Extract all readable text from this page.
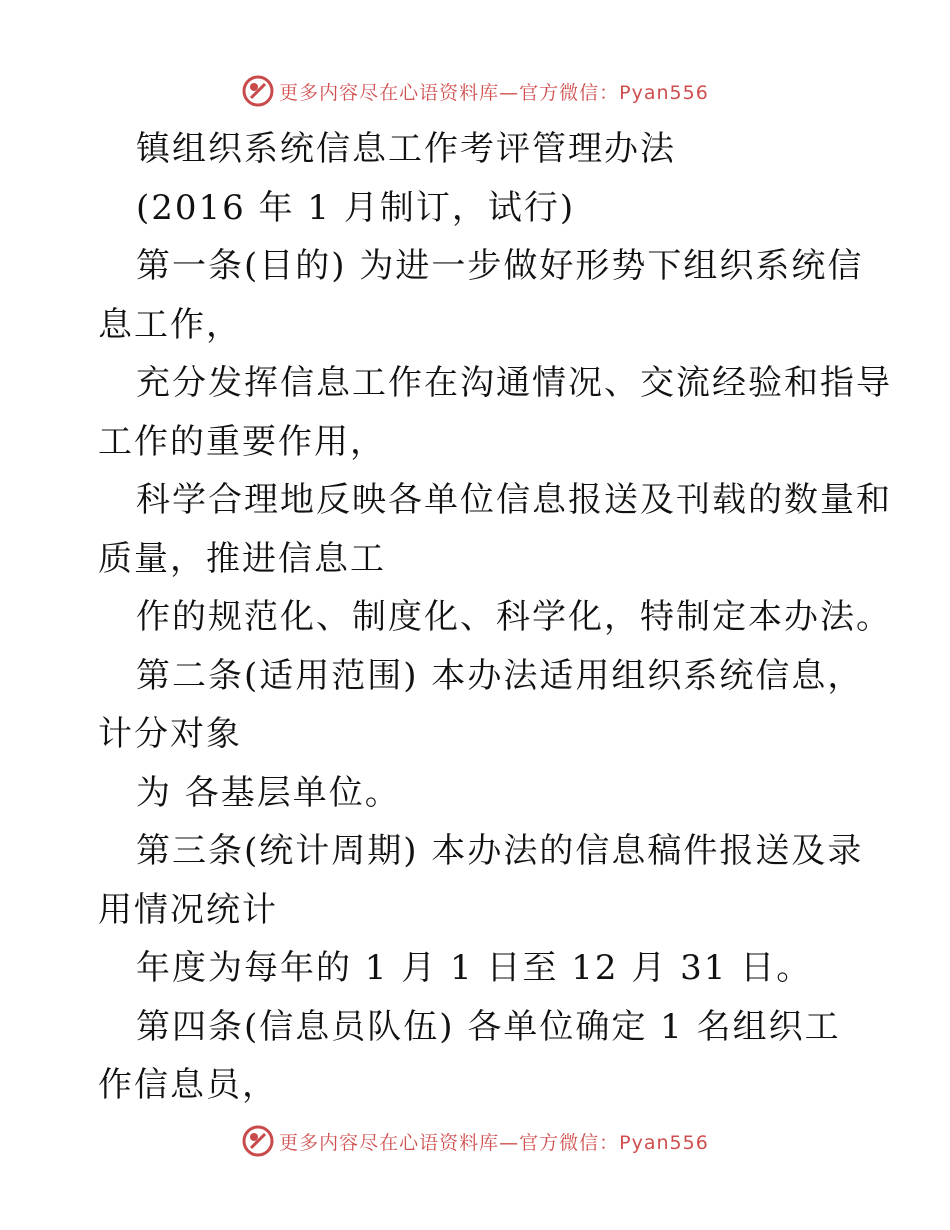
更多内容尽在心语资料库—官方微信：Pyan556
镇组织系统信息工作考评管理办法
(2016 年 1 月制订，试行)
第一条(目的) 为进一步做好形势下组织系统信
息工作，
充分发挥信息工作在沟通情况、交流经验和指导
工作的重要作用，
科学合理地反映各单位信息报送及刊载的数量和
质量，推进信息工
作的规范化、制度化、科学化，特制定本办法。
第二条(适用范围) 本办法适用组织系统信息，
计分对象
为 各基层单位。
第三条(统计周期) 本办法的信息稿件报送及录
用情况统计
年度为每年的 1 月 1 日至 12 月 31 日。
第四条(信息员队伍) 各单位确定 1 名组织工
作信息员，
更多内容尽在心语资料库—官方微信：Pyan556
